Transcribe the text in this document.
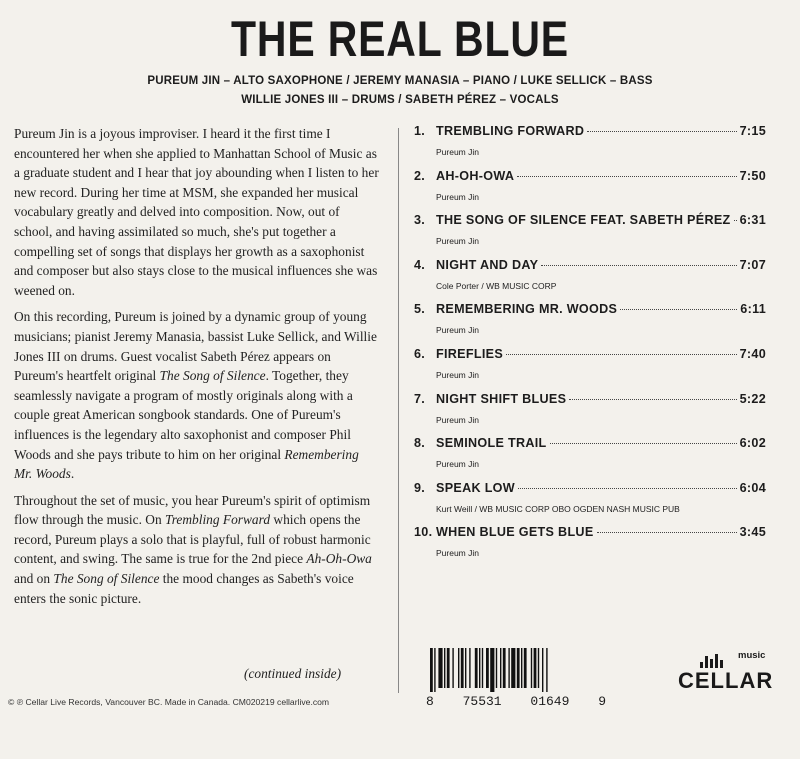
THE REAL BLUE
PUREUM JIN – ALTO SAXOPHONE / JEREMY MANASIA – PIANO / LUKE SELLICK – BASS
WILLIE JONES III – DRUMS / SABETH PÉREZ – VOCALS

Pureum Jin is a joyous improviser. I heard it the first time I encountered her when she applied to Manhattan School of Music as a graduate student and I hear that joy abounding when I listen to her new record. During her time at MSM, she expanded her musical vocabulary greatly and delved into composition. Now, out of school, and having assimilated so much, she's put together a compelling set of songs that displays her growth as a saxophonist and composer but also stays close to the musical influences she was weened on.

On this recording, Pureum is joined by a dynamic group of young musicians; pianist Jeremy Manasia, bassist Luke Sellick, and Willie Jones III on drums. Guest vocalist Sabeth Pérez appears on Pureum's heartfelt original The Song of Silence. Together, they seamlessly navigate a program of mostly originals along with a couple great American songbook standards. One of Pureum's influences is the legendary alto saxophonist and composer Phil Woods and she pays tribute to him on her original Remembering Mr. Woods.

Throughout the set of music, you hear Pureum's spirit of optimism flow through the music. On Trembling Forward which opens the record, Pureum plays a solo that is playful, full of robust harmonic content, and swing. The same is true for the 2nd piece Ah-Oh-Owa and on The Song of Silence the mood changes as Sabeth's voice enters the sonic picture.

(continued inside)
1. TREMBLING FORWARD	7:15
Pureum Jin
2. AH-OH-OWA	7:50
Pureum Jin
3. THE SONG OF SILENCE FEAT. SABETH PÉREZ 6:31
Pureum Jin
4. NIGHT AND DAY	7:07
Cole Porter / WB MUSIC CORP
5. REMEMBERING MR. WOODS	6:11
Pureum Jin
6. FIREFLIES	7:40
Pureum Jin
7. NIGHT SHIFT BLUES	5:22
Pureum Jin
8. SEMINOLE TRAIL	6:02
Pureum Jin
9. SPEAK LOW	6:04
Kurt Weill / WB MUSIC CORP OBO OGDEN NASH MUSIC PUB
10. WHEN BLUE GETS BLUE	3:45
Pureum Jin
© ℗ Cellar Live Records, Vancouver BC. Made in Canada. CM020219 cellarlive.com	8 75531 01649 9
music
CELLAR
